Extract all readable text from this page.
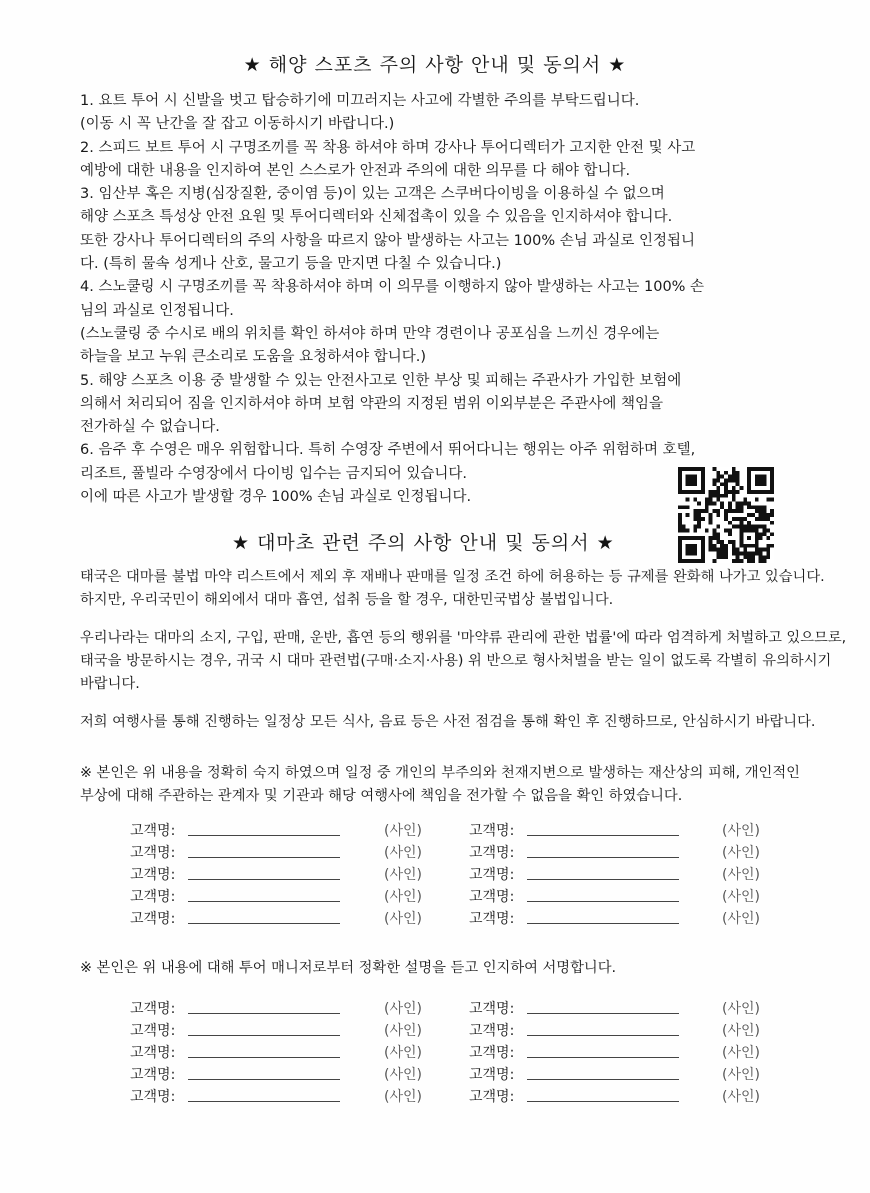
★ 해양 스포츠 주의 사항 안내 및 동의서 ★
1. 요트 투어 시 신발을 벗고 탑승하기에 미끄러지는 사고에 각별한 주의를 부탁드립니다.
(이동 시 꼭 난간을 잘 잡고 이동하시기 바랍니다.)
2. 스피드 보트 투어 시 구명조끼를 꼭 착용 하셔야 하며 강사나 투어디렉터가 고지한 안전 및 사고
예방에 대한 내용을 인지하여 본인 스스로가 안전과 주의에 대한 의무를 다 해야 합니다.
3. 임산부 혹은 지병(심장질환, 중이염 등)이 있는 고객은 스쿠버다이빙을 이용하실 수 없으며
해양 스포츠 특성상 안전 요원 및 투어디렉터와 신체접촉이 있을 수 있음을 인지하셔야 합니다.
또한 강사나 투어디렉터의 주의 사항을 따르지 않아 발생하는 사고는 100% 손님 과실로 인정됩니
다. (특히 물속 성게나 산호, 물고기 등을 만지면 다칠 수 있습니다.)
4. 스노쿨링 시 구명조끼를 꼭 착용하셔야 하며 이 의무를 이행하지 않아 발생하는 사고는 100% 손
님의 과실로 인정됩니다.
(스노쿨링 중 수시로 배의 위치를 확인 하셔야 하며 만약 경련이나 공포심을 느끼신 경우에는
하늘을 보고 누워 큰소리로 도움을 요청하셔야 합니다.)
5. 해양 스포츠 이용 중 발생할 수 있는 안전사고로 인한 부상 및 피해는 주관사가 가입한 보험에
의해서 처리되어 짐을 인지하셔야 하며 보험 약관의 지정된 범위 이외부분은 주관사에 책임을
전가하실 수 없습니다.
6. 음주 후 수영은 매우 위험합니다. 특히 수영장 주변에서 뛰어다니는 행위는 아주 위험하며 호텔,
리조트, 풀빌라 수영장에서 다이빙 입수는 금지되어 있습니다.
이에 따른 사고가 발생할 경우 100% 손님 과실로 인정됩니다.
★ 대마초 관련 주의 사항 안내 및 동의서 ★

태국은 대마를 불법 마약 리스트에서 제외 후 재배나 판매를 일정 조건 하에 허용하는 등 규제를 완화해 나가고 있습니다.
하지만, 우리국민이 해외에서 대마 흡연, 섭취 등을 할 경우, 대한민국법상 불법입니다.

우리나라는 대마의 소지, 구입, 판매, 운반, 흡연 등의 행위를 '마약류 관리에 관한 법률'에 따라 엄격하게 처벌하고 있으므로,
태국을 방문하시는 경우, 귀국 시 대마 관련법(구매·소지·사용) 위 반으로 형사처벌을 받는 일이 없도록 각별히 유의하시기
바랍니다.

저희 여행사를 통해 진행하는 일정상 모든 식사, 음료 등은 사전 점검을 통해 확인 후 진행하므로, 안심하시기 바랍니다.

※ 본인은 위 내용을 정확히 숙지 하였으며 일정 중 개인의 부주의와 천재지변으로 발생하는 재산상의 피해, 개인적인
부상에 대해 주관하는 관계자 및 기관과 해당 여행사에 책임을 전가할 수 없음을 확인 하였습니다.
고객명:	(사인)	고객명:	(사인)
고객명:	(사인)	고객명:	(사인)
고객명:	(사인)	고객명:	(사인)
고객명:	(사인)	고객명:	(사인)
고객명:	(사인)	고객명:	(사인)
※ 본인은 위 내용에 대해 투어 매니저로부터 정확한 설명을 듣고 인지하여 서명합니다.
고객명:	(사인)	고객명:	(사인)
고객명:	(사인)	고객명:	(사인)
고객명:	(사인)	고객명:	(사인)
고객명:	(사인)	고객명:	(사인)
고객명:	(사인)	고객명:	(사인)
